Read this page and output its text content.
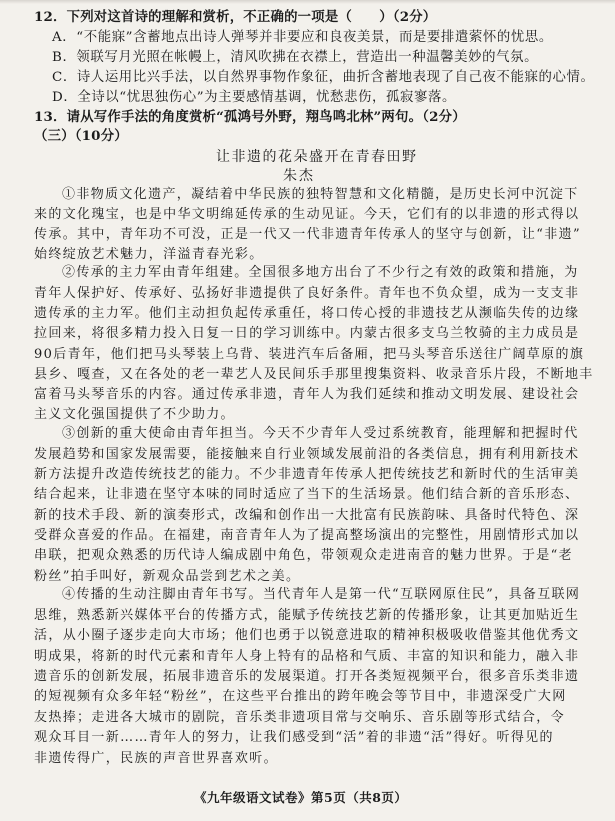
12．下列对这首诗的理解和赏析，不正确的一项是（　　）（2分）
A．“不能寐”含蓄地点出诗人弹琴并非要应和良夜美景，而是要排遣萦怀的忧思。
B．领联写月光照在帐幔上，清风吹拂在衣襟上，营造出一种温馨美妙的气氛。
C．诗人运用比兴手法，以自然界事物作象征，曲折含蓄地表现了自己夜不能寐的心情。
D．全诗以“忧思独伤心”为主要感情基调，忧愁悲伤，孤寂寥落。
13．请从写作手法的角度赏析“孤鸿号外野，翔鸟鸣北林”两句。（2分）
（三）（10分）
让非遗的花朵盛开在青春田野
朱杰
①非物质文化遗产，凝结着中华民族的独特智慧和文化精髓，是历史长河中沉淀下
来的文化瑰宝，也是中华文明绵延传承的生动见证。今天，它们有的以非遗的形式得以
传承。其中，青年功不可没，正是一代又一代非遗青年传承人的坚守与创新，让“非遗”
始终绽放艺术魅力，洋溢青春光彩。
②传承的主力军由青年组建。全国很多地方出台了不少行之有效的政策和措施，为
青年人保护好、传承好、弘扬好非遗提供了良好条件。青年也不负众望，成为一支支非
遗传承的主力军。他们主动担负起传承重任，将口传心授的非遗技艺从濒临失传的边缘
拉回来，将很多精力投入日复一日的学习训练中。内蒙古很多支乌兰牧骑的主力成员是
90后青年，他们把马头琴装上乌背、装进汽车后备厢，把马头琴音乐送往广阔草原的旗
县乡、嘎查，又在各处的老一辈艺人及民间乐手那里搜集资料、收录音乐片段，不断地丰
富着马头琴音乐的内容。通过传承非遗，青年人为我们延续和推动文明发展、建设社会
主义文化强国提供了不少助力。
③创新的重大使命由青年担当。今天不少青年人受过系统教育，能理解和把握时代
发展趋势和国家发展需要，能接触来自行业领域发展前沿的各类信息，拥有利用新技术
新方法提升改造传统技艺的能力。不少非遗青年传承人把传统技艺和新时代的生活审美
结合起来，让非遗在坚守本味的同时适应了当下的生活场景。他们结合新的音乐形态、
新的技术手段、新的演奏形式，改编和创作出一大批富有民族韵味、具备时代特色、深
受群众喜爱的作品。在福建，南音青年人为了提高整场演出的完整性，用剧情形式加以
串联，把观众熟悉的历代诗人编成剧中角色，带领观众走进南音的魅力世界。于是“老
粉丝”拍手叫好，新观众品尝到艺术之美。
④传播的生动注脚由青年书写。当代青年人是第一代“互联网原住民”，具备互联网
思维，熟悉新兴媒体平台的传播方式，能赋予传统技艺新的传播形象，让其更加贴近生
活，从小圈子逐步走向大市场；他们也勇于以锐意进取的精神积极吸收借鉴其他优秀文
明成果，将新的时代元素和青年人身上特有的品格和气质、丰富的知识和能力，融入非
遗音乐的创新发展，拓展非遗音乐的发展渠道。打开各类短视频平台，很多音乐类非遗
的短视频有众多年轻“粉丝”，在这些平台推出的跨年晚会等节目中，非遗深受广大网
友热捧；走进各大城市的剧院，音乐类非遗项目常与交响乐、音乐剧等形式结合，令
观众耳目一新……青年人的努力，让我们感受到“活”着的非遗“活”得好。听得见的
非遗传得广，民族的声音世界喜欢听。
《九年级语文试卷》第5页（共8页）
